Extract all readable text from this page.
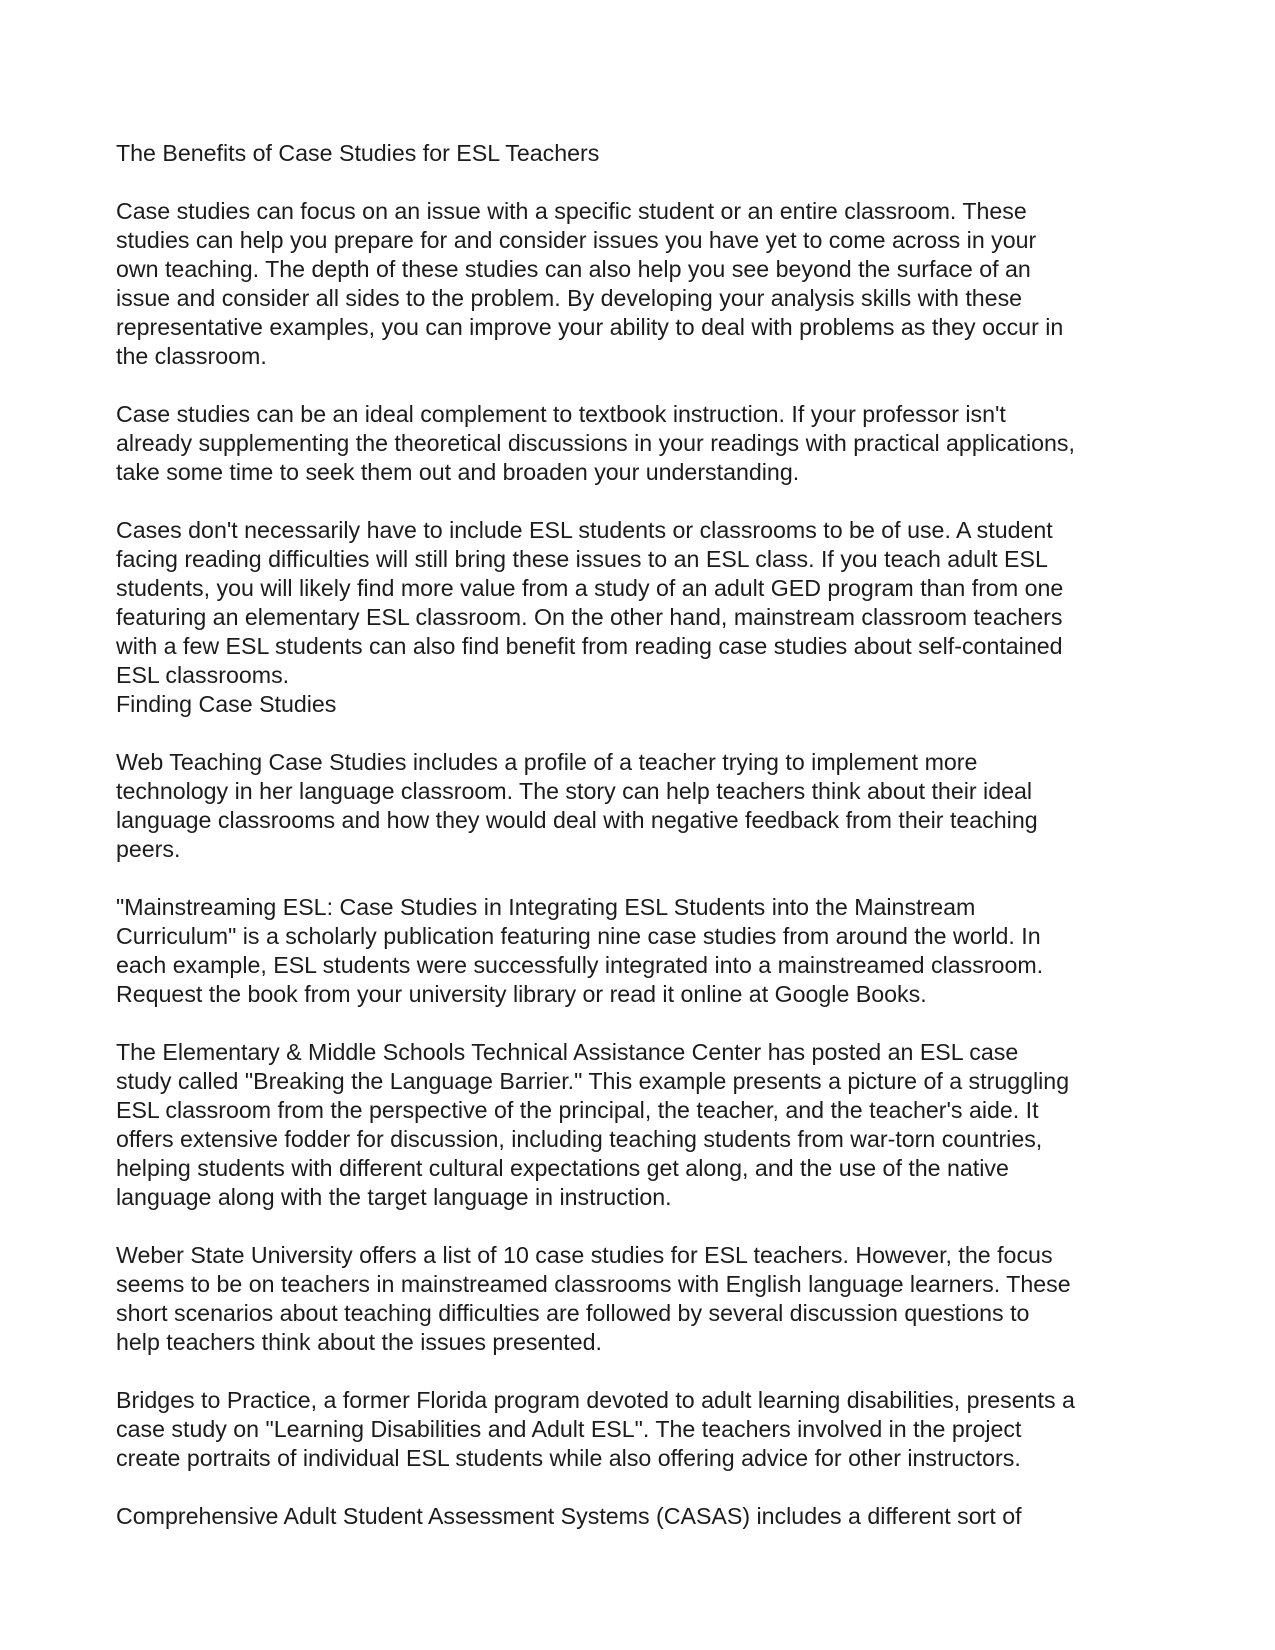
The Benefits of Case Studies for ESL Teachers
Case studies can focus on an issue with a specific student or an entire classroom. These
studies can help you prepare for and consider issues you have yet to come across in your
own teaching. The depth of these studies can also help you see beyond the surface of an
issue and consider all sides to the problem. By developing your analysis skills with these
representative examples, you can improve your ability to deal with problems as they occur in
the classroom.
Case studies can be an ideal complement to textbook instruction. If your professor isn't
already supplementing the theoretical discussions in your readings with practical applications,
take some time to seek them out and broaden your understanding.
Cases don't necessarily have to include ESL students or classrooms to be of use. A student
facing reading difficulties will still bring these issues to an ESL class. If you teach adult ESL
students, you will likely find more value from a study of an adult GED program than from one
featuring an elementary ESL classroom. On the other hand, mainstream classroom teachers
with a few ESL students can also find benefit from reading case studies about self-contained
ESL classrooms.
Finding Case Studies
Web Teaching Case Studies includes a profile of a teacher trying to implement more
technology in her language classroom. The story can help teachers think about their ideal
language classrooms and how they would deal with negative feedback from their teaching
peers.
"Mainstreaming ESL: Case Studies in Integrating ESL Students into the Mainstream
Curriculum" is a scholarly publication featuring nine case studies from around the world. In
each example, ESL students were successfully integrated into a mainstreamed classroom.
Request the book from your university library or read it online at Google Books.
The Elementary & Middle Schools Technical Assistance Center has posted an ESL case
study called "Breaking the Language Barrier." This example presents a picture of a struggling
ESL classroom from the perspective of the principal, the teacher, and the teacher's aide. It
offers extensive fodder for discussion, including teaching students from war-torn countries,
helping students with different cultural expectations get along, and the use of the native
language along with the target language in instruction.
Weber State University offers a list of 10 case studies for ESL teachers. However, the focus
seems to be on teachers in mainstreamed classrooms with English language learners. These
short scenarios about teaching difficulties are followed by several discussion questions to
help teachers think about the issues presented.
Bridges to Practice, a former Florida program devoted to adult learning disabilities, presents a
case study on "Learning Disabilities and Adult ESL". The teachers involved in the project
create portraits of individual ESL students while also offering advice for other instructors.
Comprehensive Adult Student Assessment Systems (CASAS) includes a different sort of
